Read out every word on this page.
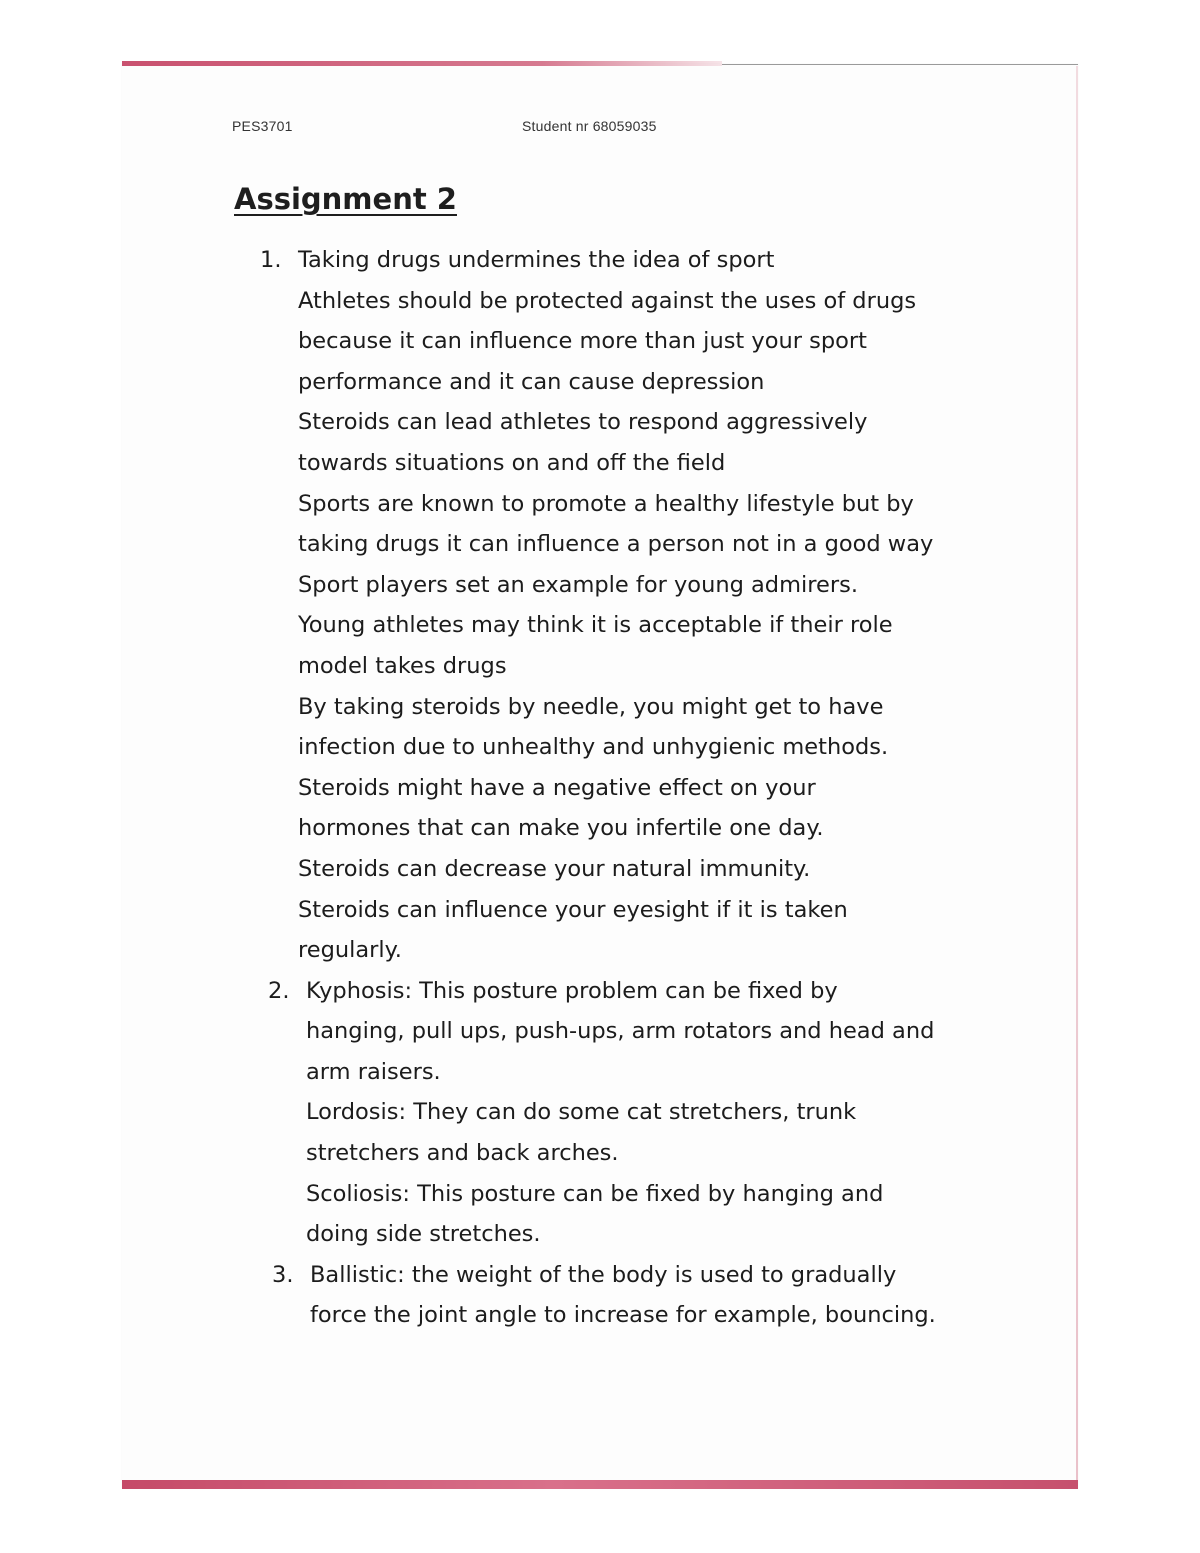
PES3701	Student nr 68059035
Assignment 2
1. Taking drugs undermines the idea of sport
Athletes should be protected against the uses of drugs
because it can influence more than just your sport
performance and it can cause depression
Steroids can lead athletes to respond aggressively
towards situations on and off the field
Sports are known to promote a healthy lifestyle but by
taking drugs it can influence a person not in a good way
Sport players set an example for young admirers.
Young athletes may think it is acceptable if their role
model takes drugs
By taking steroids by needle, you might get to have
infection due to unhealthy and unhygienic methods.
Steroids might have a negative effect on your
hormones that can make you infertile one day.
Steroids can decrease your natural immunity.
Steroids can influence your eyesight if it is taken
regularly.
2. Kyphosis: This posture problem can be fixed by
hanging, pull ups, push-ups, arm rotators and head and
arm raisers.
Lordosis: They can do some cat stretchers, trunk
stretchers and back arches.
Scoliosis: This posture can be fixed by hanging and
doing side stretches.
3. Ballistic: the weight of the body is used to gradually
force the joint angle to increase for example, bouncing.
